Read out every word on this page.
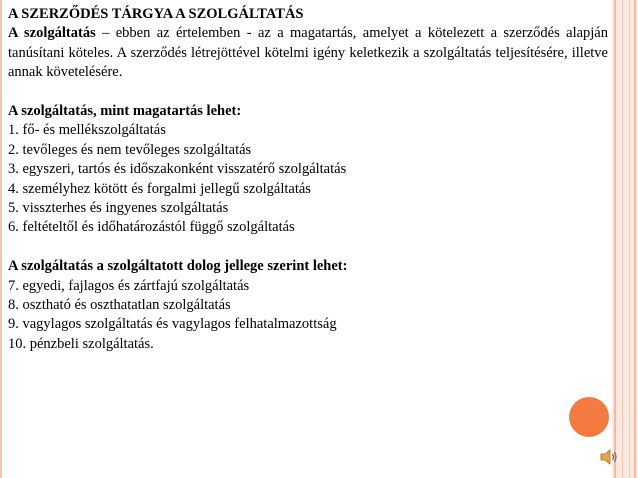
A SZERZŐDÉS TÁRGYA A SZOLGÁLTATÁS

A szolgáltatás – ebben az értelemben - az a magatartás, amelyet a kötelezett a szerződés alapján tanúsítani köteles. A szerződés létrejöttével kötelmi igény keletkezik a szolgáltatás teljesítésére, illetve annak követelésére.

A szolgáltatás, mint magatartás lehet:

1. fő- és mellékszolgáltatás

2. tevőleges és nem tevőleges szolgáltatás

3. egyszeri, tartós és időszakonként visszatérő szolgáltatás

4. személyhez kötött és forgalmi jellegű szolgáltatás

5. visszterhes és ingyenes szolgáltatás

6. feltételtől és időhatározástól függő szolgáltatás

A szolgáltatás a szolgáltatott dolog jellege szerint lehet:

7. egyedi, fajlagos és zártfajú szolgáltatás

8. osztható és oszthatatlan szolgáltatás

9. vagylagos szolgáltatás és vagylagos felhatalmazottság

10. pénzbeli szolgáltatás.
